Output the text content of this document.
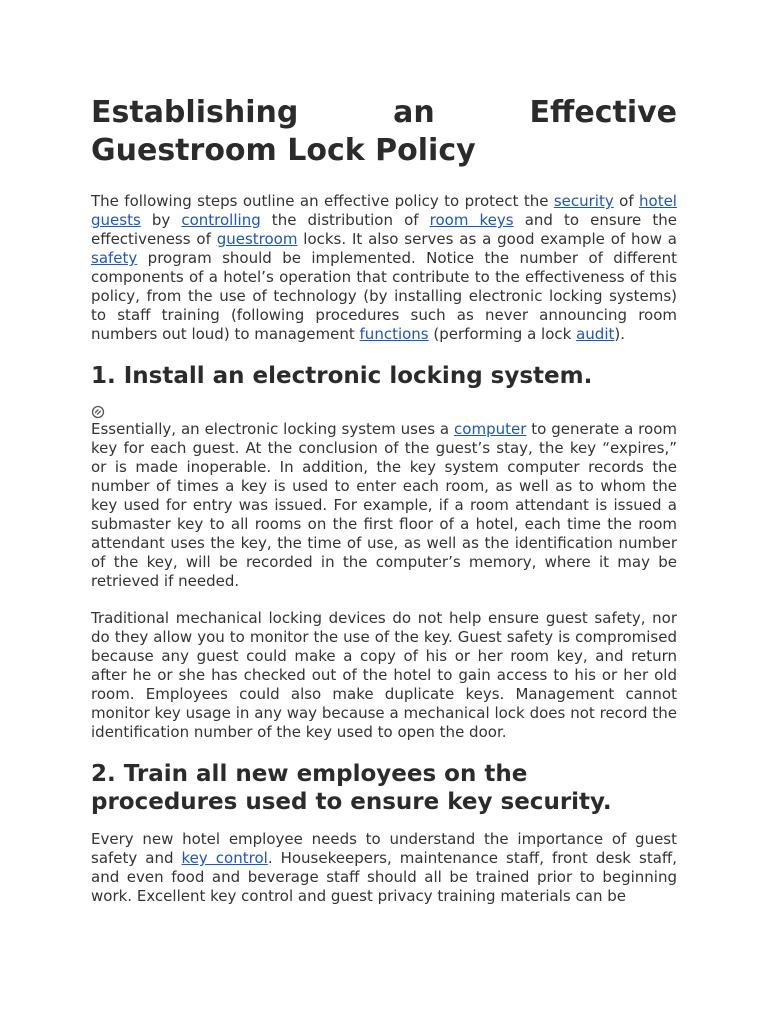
Establishing	an	Effective
Guestroom Lock Policy

The following steps outline an effective policy to protect the security of hotel guests by controlling the distribution of room keys and to ensure the effectiveness of guestroom locks. It also serves as a good example of how a safety program should be implemented. Notice the number of different components of a hotel’s operation that contribute to the effectiveness of this policy, from the use of technology (by installing electronic locking systems) to staff training (following procedures such as never announcing room numbers out loud) to management functions (performing a lock audit).

1. Install an electronic locking system.

Essentially, an electronic locking system uses a computer to generate a room key for each guest. At the conclusion of the guest’s stay, the key “expires,” or is made inoperable. In addition, the key system computer records the number of times a key is used to enter each room, as well as to whom the key used for entry was issued. For example, if a room attendant is issued a submaster key to all rooms on the first floor of a hotel, each time the room attendant uses the key, the time of use, as well as the identification number of the key, will be recorded in the computer’s memory, where it may be retrieved if needed.

Traditional mechanical locking devices do not help ensure guest safety, nor do they allow you to monitor the use of the key. Guest safety is compromised because any guest could make a copy of his or her room key, and return after he or she has checked out of the hotel to gain access to his or her old room. Employees could also make duplicate keys. Management cannot monitor key usage in any way because a mechanical lock does not record the identification number of the key used to open the door.

2. Train all new employees on the procedures used to ensure key security.

Every new hotel employee needs to understand the importance of guest safety and key control. Housekeepers, maintenance staff, front desk staff, and even food and beverage staff should all be trained prior to beginning work. Excellent key control and guest privacy training materials can be
